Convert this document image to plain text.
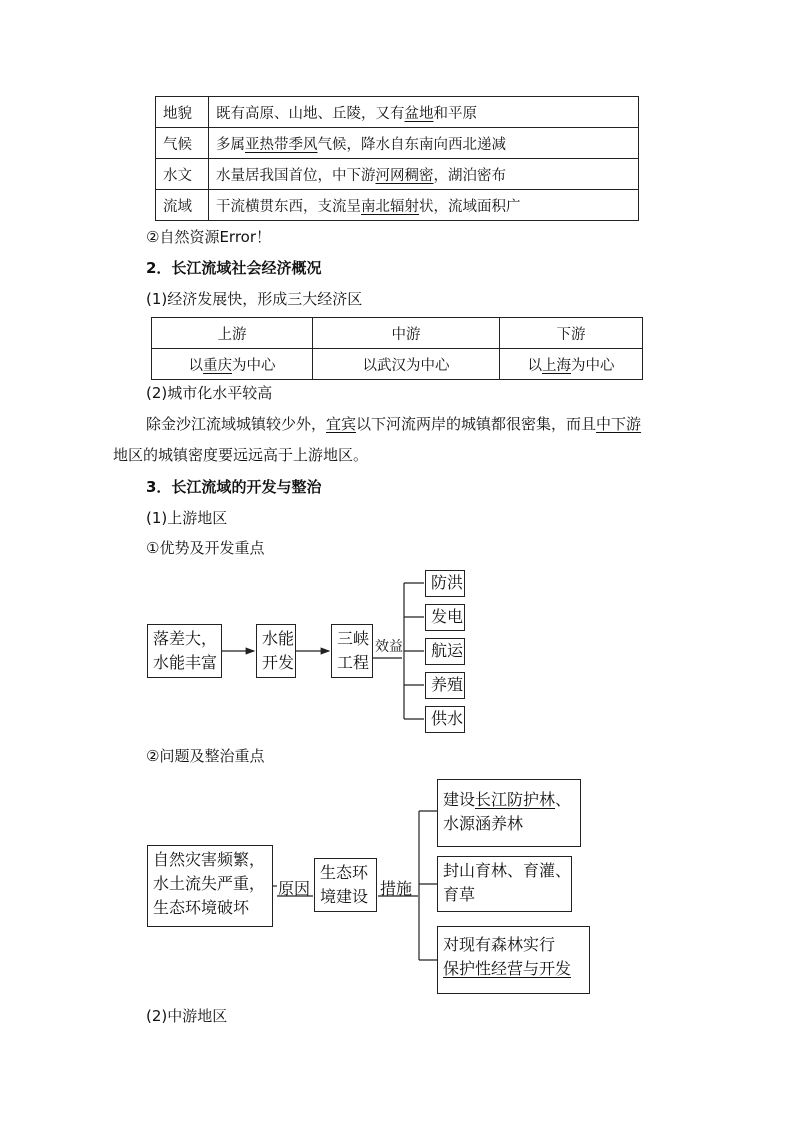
地貌	既有高原、山地、丘陵，又有盆地和平原
气候	多属亚热带季风气候，降水自东南向西北递减
水文	水量居我国首位，中下游河网稠密，湖泊密布
流域	干流横贯东西，支流呈南北辐射状，流域面积广
②自然资源Error！
2．长江流域社会经济概况
(1)经济发展快，形成三大经济区
上游	中游	下游
以重庆为中心	以武汉为中心	以上海为中心
(2)城市化水平较高
除金沙江流域城镇较少外，宜宾以下河流两岸的城镇都很密集，而且中下游
地区的城镇密度要远远高于上游地区。
3．长江流域的开发与整治
(1)上游地区
①优势及开发重点
落差大，
水能丰富
水能
开发
三峡
工程
效益
防洪
发电
航运
养殖
供水
②问题及整治重点
自然灾害频繁，
水土流失严重，
生态环境破坏
原因
生态环
境建设 措施
建设长江防护林、
水源涵养林
封山育林、育灌、
育草
对现有森林实行
保护性经营与开发
(2)中游地区
